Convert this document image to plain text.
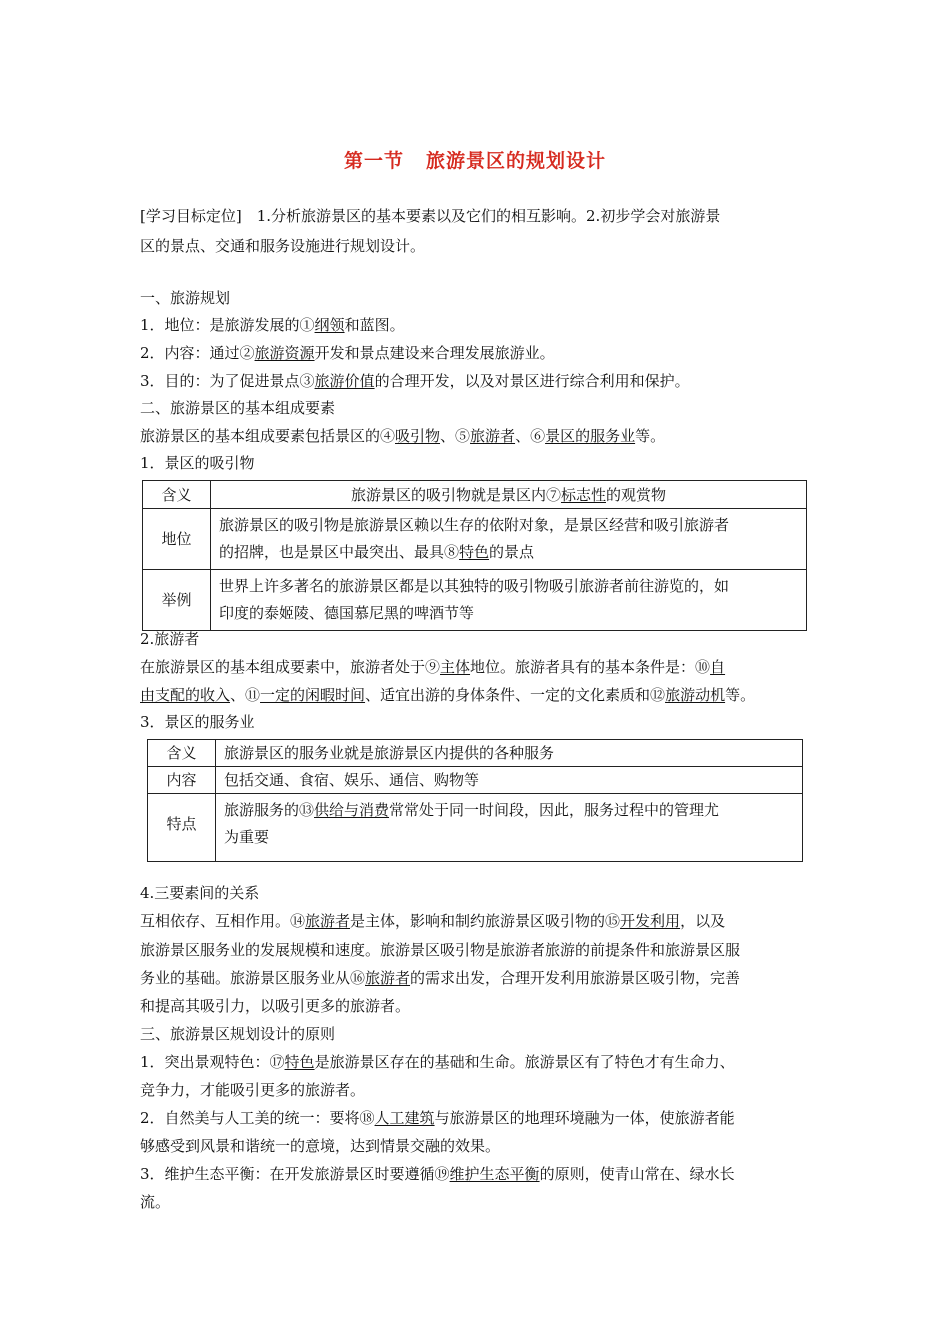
第一节 旅游景区的规划设计
[学习目标定位]　1.分析旅游景区的基本要素以及它们的相互影响。2.初步学会对旅游景
区的景点、交通和服务设施进行规划设计。
一、旅游规划
1．地位：是旅游发展的①纲领和蓝图。
2．内容：通过②旅游资源开发和景点建设来合理发展旅游业。
3．目的：为了促进景点③旅游价值的合理开发，以及对景区进行综合利用和保护。
二、旅游景区的基本组成要素
旅游景区的基本组成要素包括景区的④吸引物、⑤旅游者、⑥景区的服务业等。
1．景区的吸引物
含义	旅游景区的吸引物就是景区内⑦标志性的观赏物
地位	旅游景区的吸引物是旅游景区赖以生存的依附对象，是景区经营和吸引旅游者
的招牌，也是景区中最突出、最具⑧特色的景点
举例	世界上许多著名的旅游景区都是以其独特的吸引物吸引旅游者前往游览的，如
印度的泰姬陵、德国慕尼黑的啤酒节等
2.旅游者
在旅游景区的基本组成要素中，旅游者处于⑨主体地位。旅游者具有的基本条件是：⑩自
由支配的收入、⑪一定的闲暇时间、适宜出游的身体条件、一定的文化素质和⑫旅游动机等。
3．景区的服务业
含义	旅游景区的服务业就是旅游景区内提供的各种服务
内容	包括交通、食宿、娱乐、通信、购物等
特点	旅游服务的⑬供给与消费常常处于同一时间段，因此，服务过程中的管理尤
为重要
4.三要素间的关系
互相依存、互相作用。⑭旅游者是主体，影响和制约旅游景区吸引物的⑮开发利用，以及
旅游景区服务业的发展规模和速度。旅游景区吸引物是旅游者旅游的前提条件和旅游景区服
务业的基础。旅游景区服务业从⑯旅游者的需求出发，合理开发利用旅游景区吸引物，完善
和提高其吸引力，以吸引更多的旅游者。
三、旅游景区规划设计的原则
1．突出景观特色：⑰特色是旅游景区存在的基础和生命。旅游景区有了特色才有生命力、
竞争力，才能吸引更多的旅游者。
2．自然美与人工美的统一：要将⑱人工建筑与旅游景区的地理环境融为一体，使旅游者能
够感受到风景和谐统一的意境，达到情景交融的效果。
3．维护生态平衡：在开发旅游景区时要遵循⑲维护生态平衡的原则，使青山常在、绿水长
流。
